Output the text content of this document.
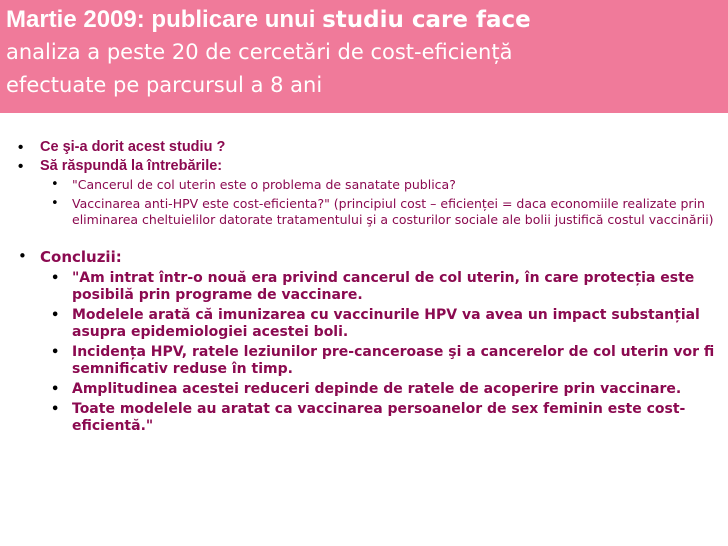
Martie 2009: publicare unui studiu care face
analiza a peste 20 de cercetări de cost-eficiență
efectuate pe parcursul a 8 ani
• Ce şi-a dorit acest studiu ?
• Să răspundă la întrebările:
• "Cancerul de col uterin este o problema de sanatate publica?
• Vaccinarea anti-HPV este cost-eficienta?" (principiul cost – eficienței = daca economiile realizate prin eliminarea cheltuielilor datorate tratamentului şi a costurilor sociale ale bolii justifică costul vaccinării)
• Concluzii:
• "Am intrat într-o nouă era privind cancerul de col uterin, în care protecția este posibilă prin programe de vaccinare.
• Modelele arată că imunizarea cu vaccinurile HPV va avea un impact substanțial asupra epidemiologiei acestei boli.
• Incidența HPV, ratele leziunilor pre-canceroase şi a cancerelor de col uterin vor fi semnificativ reduse în timp.
• Amplitudinea acestei reduceri depinde de ratele de acoperire prin vaccinare.
• Toate modelele au aratat ca vaccinarea persoanelor de sex feminin este cost-eficientă."
